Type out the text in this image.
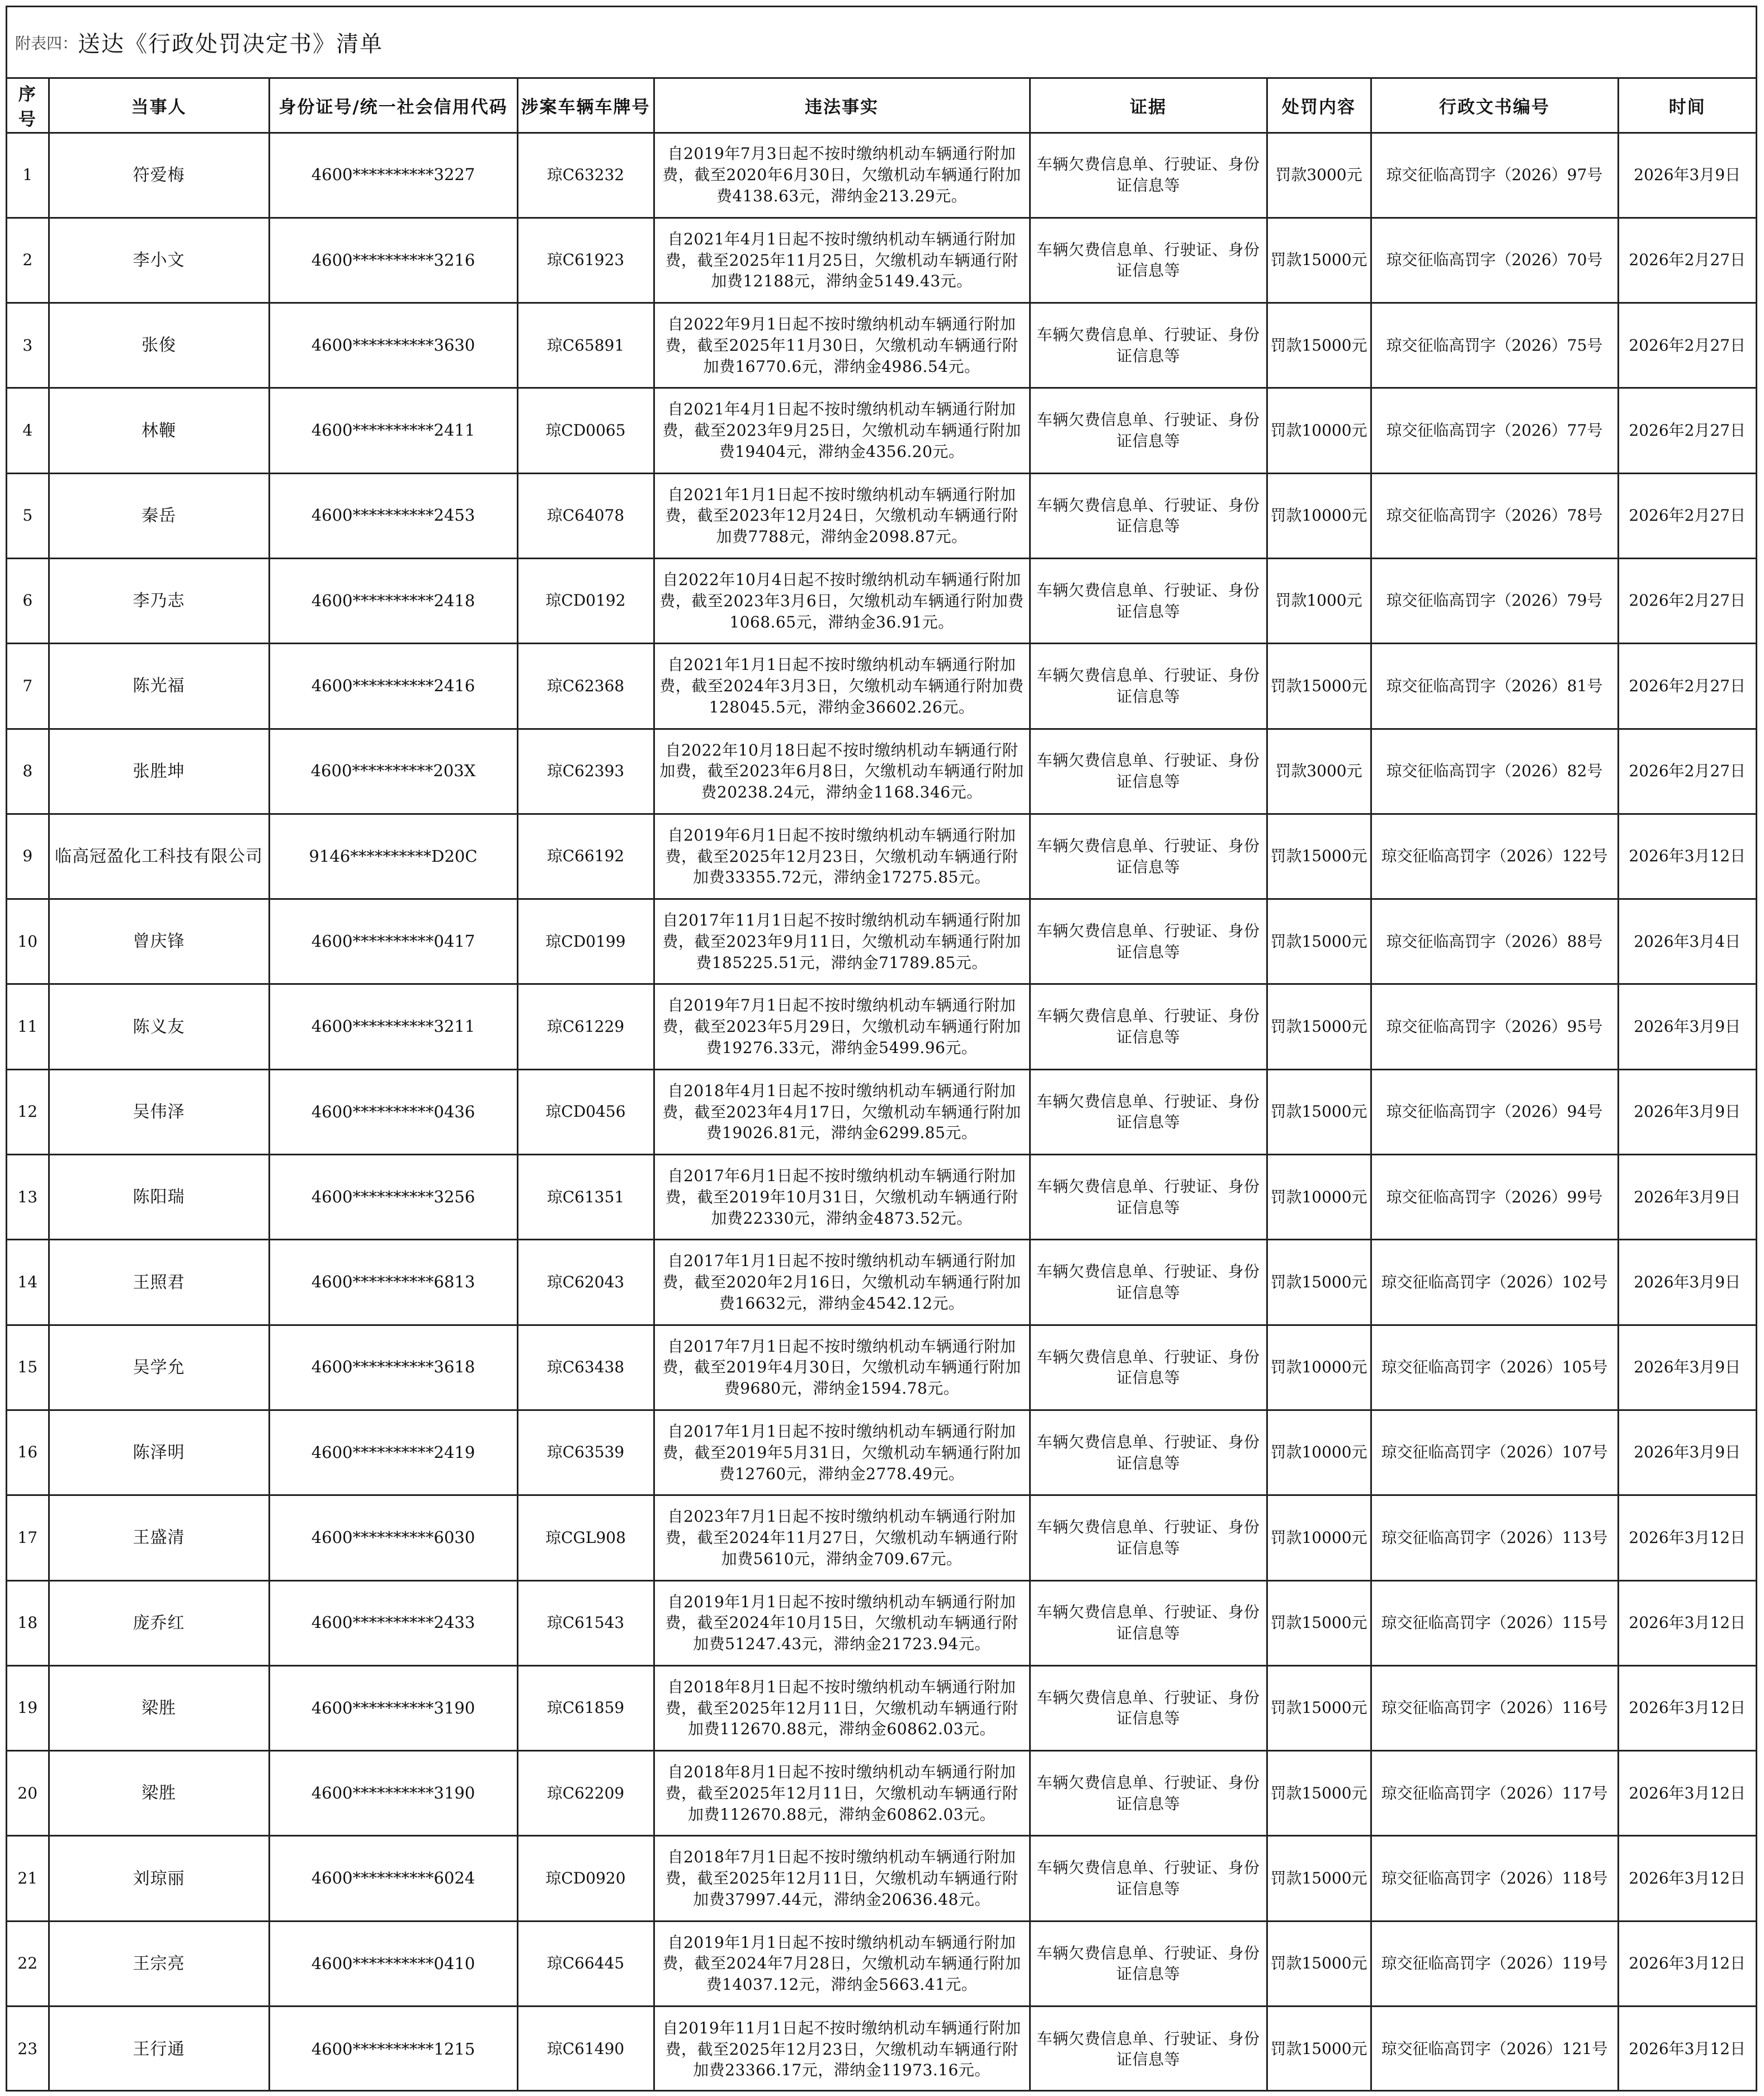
附表四： 送达《行政处罚决定书》清单
序号	当事人	身份证号/统一社会信用代码	涉案车辆车牌号	违法事实	证据	处罚内容	行政文书编号	时间
1	符爱梅	4600**********3227	琼C63232	自2019年7月3日起不按时缴纳机动车辆通行附加费，截至2020年6月30日，欠缴机动车辆通行附加费4138.63元，滞纳金213.29元。	车辆欠费信息单、行驶证、身份证信息等	罚款3000元	琼交征临高罚字（2026）97号	2026年3月9日
2	李小文	4600**********3216	琼C61923	自2021年4月1日起不按时缴纳机动车辆通行附加费，截至2025年11月25日，欠缴机动车辆通行附加费12188元，滞纳金5149.43元。	车辆欠费信息单、行驶证、身份证信息等	罚款15000元	琼交征临高罚字（2026）70号	2026年2月27日
3	张俊	4600**********3630	琼C65891	自2022年9月1日起不按时缴纳机动车辆通行附加费，截至2025年11月30日，欠缴机动车辆通行附加费16770.6元，滞纳金4986.54元。	车辆欠费信息单、行驶证、身份证信息等	罚款15000元	琼交征临高罚字（2026）75号	2026年2月27日
4	林鞭	4600**********2411	琼CD0065	自2021年4月1日起不按时缴纳机动车辆通行附加费，截至2023年9月25日，欠缴机动车辆通行附加费19404元，滞纳金4356.20元。	车辆欠费信息单、行驶证、身份证信息等	罚款10000元	琼交征临高罚字（2026）77号	2026年2月27日
5	秦岳	4600**********2453	琼C64078	自2021年1月1日起不按时缴纳机动车辆通行附加费，截至2023年12月24日，欠缴机动车辆通行附加费7788元，滞纳金2098.87元。	车辆欠费信息单、行驶证、身份证信息等	罚款10000元	琼交征临高罚字（2026）78号	2026年2月27日
6	李乃志	4600**********2418	琼CD0192	自2022年10月4日起不按时缴纳机动车辆通行附加费，截至2023年3月6日，欠缴机动车辆通行附加费1068.65元，滞纳金36.91元。	车辆欠费信息单、行驶证、身份证信息等	罚款1000元	琼交征临高罚字（2026）79号	2026年2月27日
7	陈光福	4600**********2416	琼C62368	自2021年1月1日起不按时缴纳机动车辆通行附加费，截至2024年3月3日，欠缴机动车辆通行附加费128045.5元，滞纳金36602.26元。	车辆欠费信息单、行驶证、身份证信息等	罚款15000元	琼交征临高罚字（2026）81号	2026年2月27日
8	张胜坤	4600**********203X	琼C62393	自2022年10月18日起不按时缴纳机动车辆通行附加费，截至2023年6月8日，欠缴机动车辆通行附加费20238.24元，滞纳金1168.346元。	车辆欠费信息单、行驶证、身份证信息等	罚款3000元	琼交征临高罚字（2026）82号	2026年2月27日
9	临高冠盈化工科技有限公司	9146**********D20C	琼C66192	自2019年6月1日起不按时缴纳机动车辆通行附加费，截至2025年12月23日，欠缴机动车辆通行附加费33355.72元，滞纳金17275.85元。	车辆欠费信息单、行驶证、身份证信息等	罚款15000元	琼交征临高罚字（2026）122号	2026年3月12日
10	曾庆锋	4600**********0417	琼CD0199	自2017年11月1日起不按时缴纳机动车辆通行附加费，截至2023年9月11日，欠缴机动车辆通行附加费185225.51元，滞纳金71789.85元。	车辆欠费信息单、行驶证、身份证信息等	罚款15000元	琼交征临高罚字（2026）88号	2026年3月4日
11	陈义友	4600**********3211	琼C61229	自2019年7月1日起不按时缴纳机动车辆通行附加费，截至2023年5月29日，欠缴机动车辆通行附加费19276.33元，滞纳金5499.96元。	车辆欠费信息单、行驶证、身份证信息等	罚款15000元	琼交征临高罚字（2026）95号	2026年3月9日
12	吴伟泽	4600**********0436	琼CD0456	自2018年4月1日起不按时缴纳机动车辆通行附加费，截至2023年4月17日，欠缴机动车辆通行附加费19026.81元，滞纳金6299.85元。	车辆欠费信息单、行驶证、身份证信息等	罚款15000元	琼交征临高罚字（2026）94号	2026年3月9日
13	陈阳瑞	4600**********3256	琼C61351	自2017年6月1日起不按时缴纳机动车辆通行附加费，截至2019年10月31日，欠缴机动车辆通行附加费22330元，滞纳金4873.52元。	车辆欠费信息单、行驶证、身份证信息等	罚款10000元	琼交征临高罚字（2026）99号	2026年3月9日
14	王照君	4600**********6813	琼C62043	自2017年1月1日起不按时缴纳机动车辆通行附加费，截至2020年2月16日，欠缴机动车辆通行附加费16632元，滞纳金4542.12元。	车辆欠费信息单、行驶证、身份证信息等	罚款15000元	琼交征临高罚字（2026）102号	2026年3月9日
15	吴学允	4600**********3618	琼C63438	自2017年7月1日起不按时缴纳机动车辆通行附加费，截至2019年4月30日，欠缴机动车辆通行附加费9680元，滞纳金1594.78元。	车辆欠费信息单、行驶证、身份证信息等	罚款10000元	琼交征临高罚字（2026）105号	2026年3月9日
16	陈泽明	4600**********2419	琼C63539	自2017年1月1日起不按时缴纳机动车辆通行附加费，截至2019年5月31日，欠缴机动车辆通行附加费12760元，滞纳金2778.49元。	车辆欠费信息单、行驶证、身份证信息等	罚款10000元	琼交征临高罚字（2026）107号	2026年3月9日
17	王盛清	4600**********6030	琼CGL908	自2023年7月1日起不按时缴纳机动车辆通行附加费，截至2024年11月27日，欠缴机动车辆通行附加费5610元，滞纳金709.67元。	车辆欠费信息单、行驶证、身份证信息等	罚款10000元	琼交征临高罚字（2026）113号	2026年3月12日
18	庞乔红	4600**********2433	琼C61543	自2019年1月1日起不按时缴纳机动车辆通行附加费，截至2024年10月15日，欠缴机动车辆通行附加费51247.43元，滞纳金21723.94元。	车辆欠费信息单、行驶证、身份证信息等	罚款15000元	琼交征临高罚字（2026）115号	2026年3月12日
19	梁胜	4600**********3190	琼C61859	自2018年8月1日起不按时缴纳机动车辆通行附加费，截至2025年12月11日，欠缴机动车辆通行附加费112670.88元，滞纳金60862.03元。	车辆欠费信息单、行驶证、身份证信息等	罚款15000元	琼交征临高罚字（2026）116号	2026年3月12日
20	梁胜	4600**********3190	琼C62209	自2018年8月1日起不按时缴纳机动车辆通行附加费，截至2025年12月11日，欠缴机动车辆通行附加费112670.88元，滞纳金60862.03元。	车辆欠费信息单、行驶证、身份证信息等	罚款15000元	琼交征临高罚字（2026）117号	2026年3月12日
21	刘琼丽	4600**********6024	琼CD0920	自2018年7月1日起不按时缴纳机动车辆通行附加费，截至2025年12月11日，欠缴机动车辆通行附加费37997.44元，滞纳金20636.48元。	车辆欠费信息单、行驶证、身份证信息等	罚款15000元	琼交征临高罚字（2026）118号	2026年3月12日
22	王宗亮	4600**********0410	琼C66445	自2019年1月1日起不按时缴纳机动车辆通行附加费，截至2024年7月28日，欠缴机动车辆通行附加费14037.12元，滞纳金5663.41元。	车辆欠费信息单、行驶证、身份证信息等	罚款15000元	琼交征临高罚字（2026）119号	2026年3月12日
23	王行通	4600**********1215	琼C61490	自2019年11月1日起不按时缴纳机动车辆通行附加费，截至2025年12月23日，欠缴机动车辆通行附加费23366.17元，滞纳金11973.16元。	车辆欠费信息单、行驶证、身份证信息等	罚款15000元	琼交征临高罚字（2026）121号	2026年3月12日
